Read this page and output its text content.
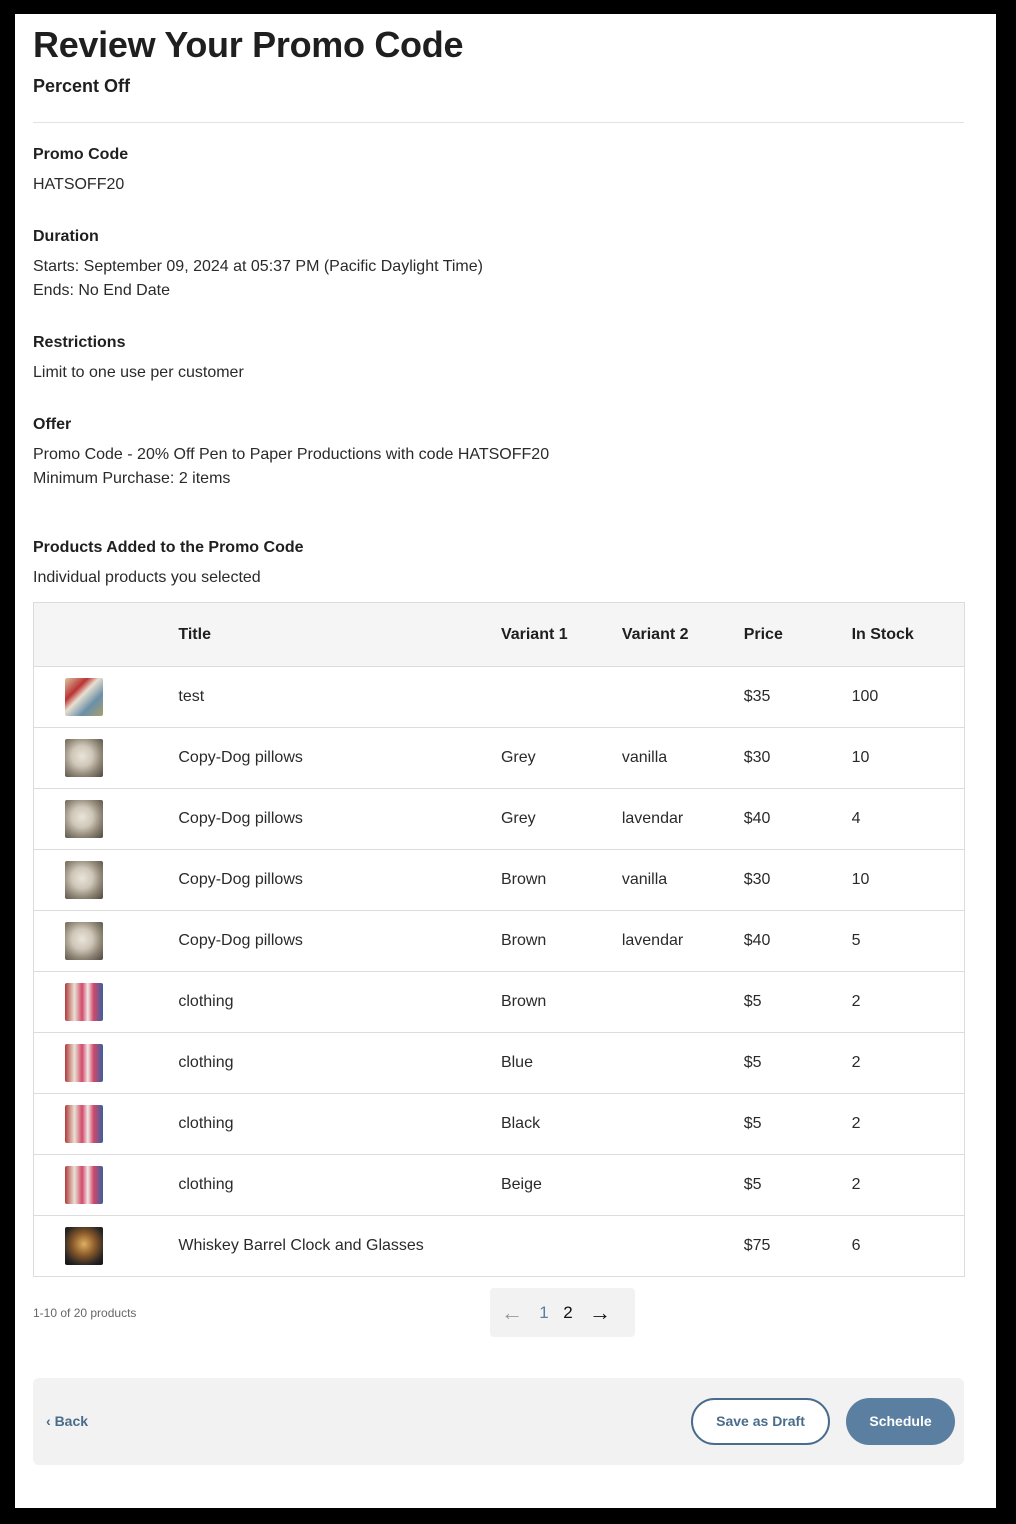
Review Your Promo Code
Percent Off
Promo Code
HATSOFF20
Duration
Starts: September 09, 2024 at 05:37 PM (Pacific Daylight Time)
Ends: No End Date
Restrictions
Limit to one use per customer
Offer
Promo Code - 20% Off Pen to Paper Productions with code HATSOFF20
Minimum Purchase: 2 items
Products Added to the Promo Code
Individual products you selected
	Title	Variant 1	Variant 2	Price	In Stock

	test			$35	100

	Copy-Dog pillows	Grey	vanilla	$30	10

	Copy-Dog pillows	Grey	lavendar	$40	4

	Copy-Dog pillows	Brown	vanilla	$30	10

	Copy-Dog pillows	Brown	lavendar	$40	5

	clothing	Brown		$5	2

	clothing	Blue		$5	2

	clothing	Black		$5	2

	clothing	Beige		$5	2

	Whiskey Barrel Clock and Glasses			$75	6
1-10 of 20 products	← 1 2 →
‹ Back	Save as Draft	Schedule
